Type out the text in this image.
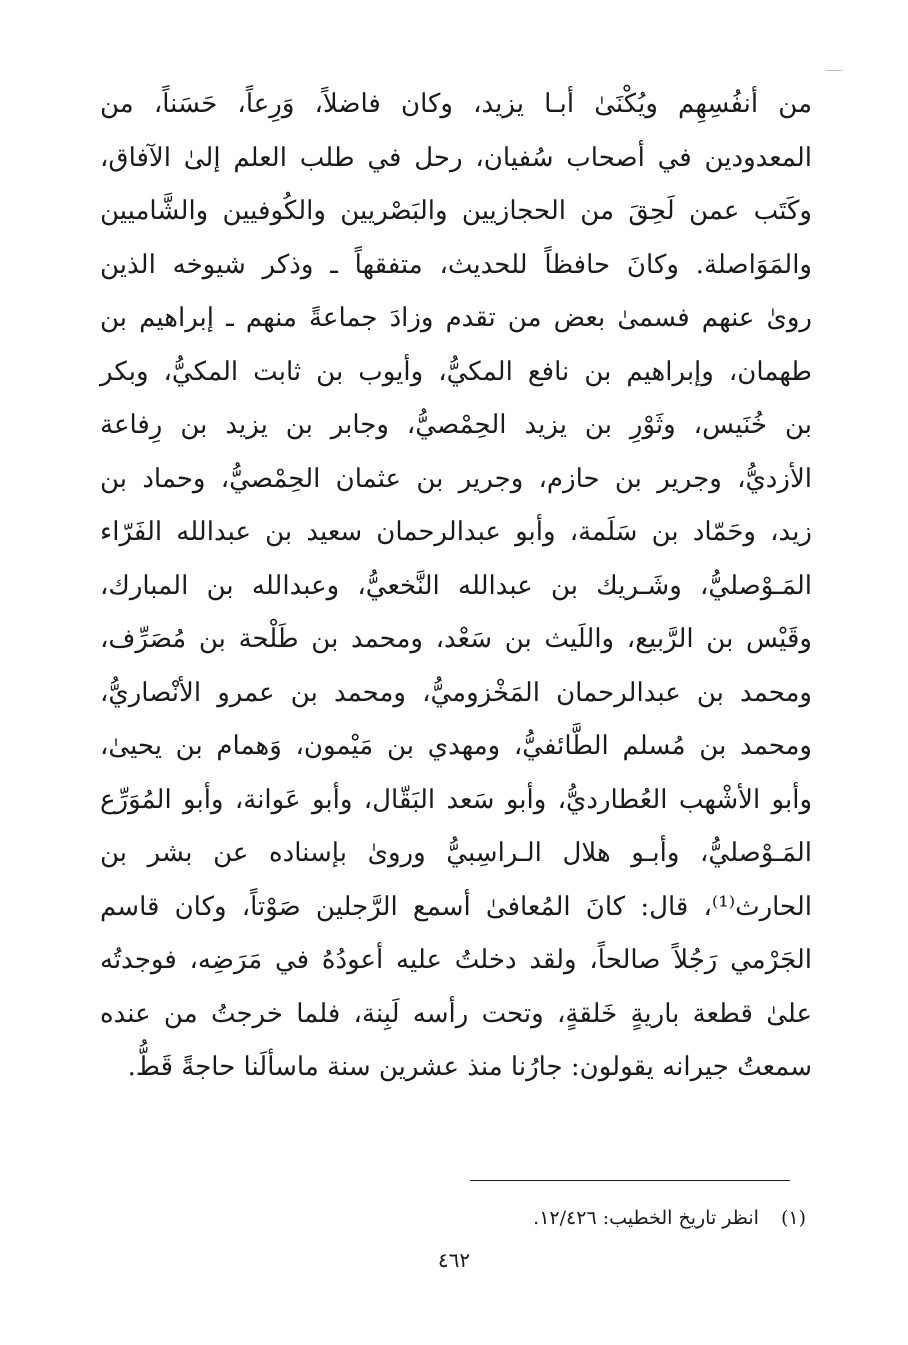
من أنفُسِهِم ويُكْنَىٰ أبـا يزيد، وكان فاضلاً، وَرِعاً، حَسَناً، من
المعدودين في أصحاب سُفيان، رحل في طلب العلم إلىٰ الآفاق،
وكَتَب عمن لَحِقَ من الحجازيين والبَصْريين والكُوفيين والشَّاميين
والمَوَاصلة. وكانَ حافظاً للحديث، متفقهاً ـ وذكر شيوخه الذين
روىٰ عنهم فسمىٰ بعض من تقدم وزادَ جماعةً منهم ـ إبراهيم بن
طهمان، وإبراهيم بن نافع المكيُّ، وأيوب بن ثابت المكيُّ، وبكر
بن خُنَيس، وثَوْرِ بن يزيد الحِمْصيُّ، وجابر بن يزيد بن رِفاعة
الأزديُّ، وجرير بن حازم، وجرير بن عثمان الحِمْصيُّ، وحماد بن
زيد، وحَمّاد بن سَلَمة، وأبو عبدالرحمان سعيد بن عبدالله الفَرّاء
المَـوْصليُّ، وشَـريك بن عبدالله النَّخعيُّ، وعبدالله بن المبارك،
وقَيْس بن الرَّبيع، واللَيث بن سَعْد، ومحمد بن طَلْحة بن مُصَرِّف،
ومحمد بن عبدالرحمان المَخْزوميُّ، ومحمد بن عمرو الأنْصاريُّ،
ومحمد بن مُسلم الطَّائفيُّ، ومهدي بن مَيْمون، وَهمام بن يحيىٰ،
وأبو الأشْهب العُطارديُّ، وأبو سَعد البَقّال، وأبو عَوانة، وأبو المُوَرِّع
المَـوْصليُّ، وأبـو هلال الـراسِبيُّ وروىٰ بإسناده عن بشر بن
الحارث⁽¹⁾، قال: كانَ المُعافىٰ أسمع الرَّجلين صَوْتاً، وكان قاسم
الجَرْمي رَجُلاً صالحاً، ولقد دخلتُ عليه أعودُهُ في مَرَضِه، فوجدتُه
علىٰ قطعة باريةٍ خَلقةٍ، وتحت رأسه لَبِنة، فلما خرجتُ من عنده
سمعتُ جيرانه يقولون: جارُنا منذ عشرين سنة ماسألَنا حاجةً قَطُّ.
(١)انظر تاريخ الخطيب: ١٢/٤٢٦.
٤٦٢
